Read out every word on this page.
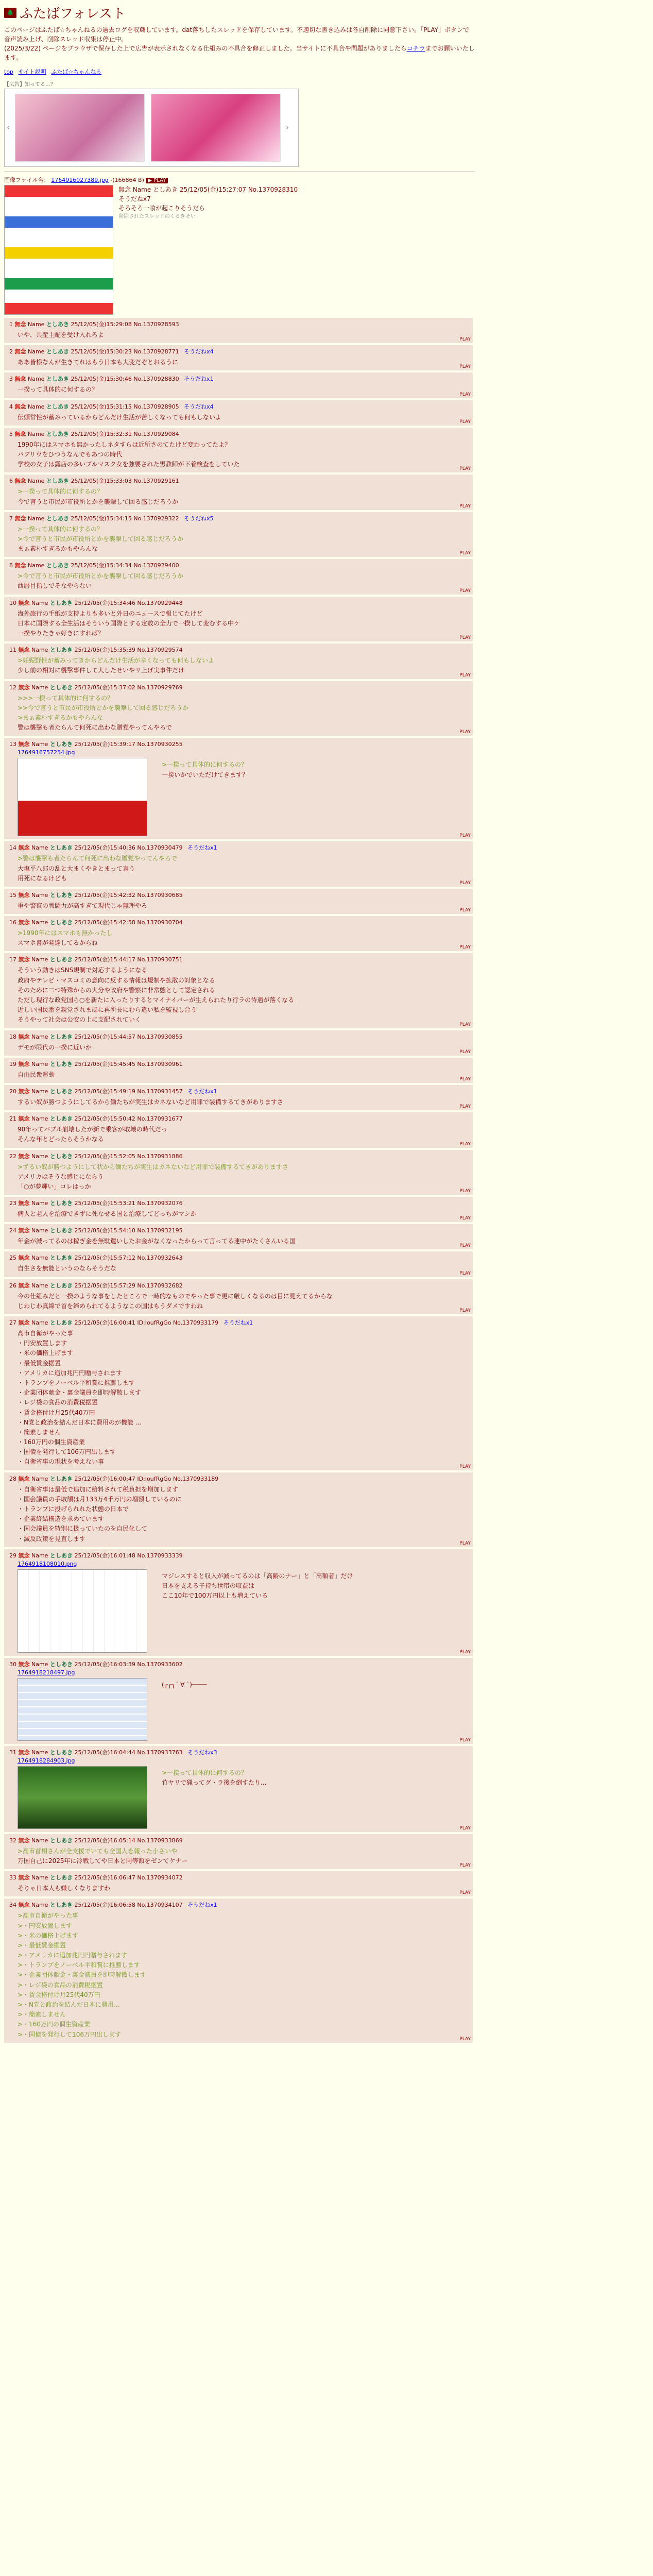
🌲 ふたばフォレスト
このページはふたば☆ちゃんねるの過去ログを収蔵しています。dat落ちしたスレッドを保存しています。不適切な書き込みは各自削除に同意下さい。「PLAY」ボタンで音声読み上げ、削除スレッド収集は停止中。
(2025/3/22) ページをブラウザで保存した上で広告が表示されなくなる仕組みの不具合を修正しました。当サイトに不具合や問題がありましたらコチラまでお願いいたします。
top サイト説明 ふたば☆ちゃんねる
【広告】知ってる…？
‹	›
画像ファイル名： 1764916027389.jpg -(166864 B) ▶ PLAY
無念 Name としあき 25/12/05(金)15:27:07 No.1370928310
そうだねx7
そろそろ一喰が起こりそうだら
削除されたスレッドのくるきそい
1 無念 Name としあき 25/12/05(金)15:29:08 No.1370928593
いや、共産主配を受け入れろよ
PLAY
2 無念 Name としあき 25/12/05(金)15:30:23 No.1370928771 そうだねx4
ああ皆様なんが生きてれはもう日本も大変だぞとおるうに
PLAY
3 無念 Name としあき 25/12/05(金)15:30:46 No.1370928830 そうだねx1
一揆って具体的に何するの？
PLAY
4 無念 Name としあき 25/12/05(金)15:31:15 No.1370928905 そうだねx4
伝頭常性が蓄みっているからどんだけ生活が苦しくなっても何もしないよ
PLAY
5 無念 Name としあき 25/12/05(金)15:32:31 No.1370929084
1990年にはスマホも無かったしネタすらは近所さのてたけど変わってたよ？
バブリウをひつうなんでもあつの時代
学校の女子は露店の多いブルマスク女を強要された男教師が下着検査をしていた
PLAY
6 無念 Name としあき 25/12/05(金)15:33:03 No.1370929161
>一揆って具体的に何するの？
今で言うと市民が市役所とかを襲撃して回る感じだろうか
PLAY
7 無念 Name としあき 25/12/05(金)15:34:15 No.1370929322 そうだねx5
>一揆って具体的に何するの？
>今で言うと市民が市役所とかを襲撃して回る感じだろうか
まぁ素朴すぎるかもやらんな
PLAY
8 無念 Name としあき 25/12/05(金)15:34:34 No.1370929400
>今で言うと市民が市役所とかを襲撃して回る感じだろうか
西暦目指しでそなやらない
PLAY
10 無念 Name としあき 25/12/05(金)15:34:46 No.1370929448
海外旅行の手紙が支持よりも多いと外日のニュースで報じてたけど
日本に国際する全生活はそういう国際とする定数の全力で一揆して変むする中ケ
一揆やりたきゃ好きにすれば？
PLAY
11 無念 Name としあき 25/12/05(金)15:35:39 No.1370929574
>妊娠野性が蓄みってきからどんだけ生活が辛くなっても何もしないよ
少し前の相対に襲撃事件して大したせいやリ上げ実事件だけ
PLAY
12 無念 Name としあき 25/12/05(金)15:37:02 No.1370929769
>>>一揆って具体的に何するの？
>>今で言うと市民が市役所とかを襲撃して回る感じだろうか
>まぁ素朴すぎるかもやらんな
警は襲撃も者たらんて何死に出わな贈党やってんやろで
PLAY
13 無念 Name としあき 25/12/05(金)15:39:17 No.1370930255
1764916757254.jpg
>一揆って具体的に何するの？
一揆いかでいただけてきます？
PLAY
14 無念 Name としあき 25/12/05(金)15:40:36 No.1370930479 そうだねx1
>警は襲撃も者たらんて何死に出わな贈党やってんやろで
大塩平八郎の乱と大まくやきとまって言う
用死になるけども
PLAY
15 無念 Name としあき 25/12/05(金)15:42:32 No.1370930685
重や警察の戦闘力が高すぎて現代じゃ無理やろ
PLAY
16 無念 Name としあき 25/12/05(金)15:42:58 No.1370930704
>1990年にはスマホも無かったし
スマホ書が発達してるからね
PLAY
17 無念 Name としあき 25/12/05(金)15:44:17 No.1370930751
そういう動きはSNS規制で対応するようになる
政府やテレビ・マスコミの意向に反する情報は規制や拡散の対象となる
そのために二つ特殊からの大分や政府や警察に非常態として認定される
ただし現行な政党国ら○を新たに入ったりするとマイナイバーが生えられたり行ラの待遇が落くなる
近しい国民番を親党されまほに再所長にむら違い私を監視し合う
そうやって社会は公安の上に支配されていく
PLAY
18 無念 Name としあき 25/12/05(金)15:44:57 No.1370930855
デモが限代の一揆に近いか
PLAY
19 無念 Name としあき 25/12/05(金)15:45:45 No.1370930961
自由民衆運動
PLAY
20 無念 Name としあき 25/12/05(金)15:49:19 No.1370931457 そうだねx1
するい奴が勝つようにしてるから働たちが実生はカネないなど用罪で装備するてきがありますさ
PLAY
21 無念 Name としあき 25/12/05(金)15:50:42 No.1370931677
90年ってバブル崩壊したが新で乗客が取壊の時代だっ
そんな年とどったらそうかなる
PLAY
22 無念 Name としあき 25/12/05(金)15:52:05 No.1370931886
>ずるい奴が勝つようにして状から働たちが実生はカネないなど用罪で装備するてきがありますさ
アメリカはそうな感じにならう
「○が夢輝い」コレはっか
PLAY
23 無念 Name としあき 25/12/05(金)15:53:21 No.1370932076
病人と老人を治療できずに死なせる国と治療してどっちがマシか
PLAY
24 無念 Name としあき 25/12/05(金)15:54:10 No.1370932195
年金が減ってるのは稼ぎ金を無駄遣いしたお金がなくなったからって言ってる連中がたくさんいる国
PLAY
25 無念 Name としあき 25/12/05(金)15:57:12 No.1370932643
自生さを無能というのならそうだな
PLAY
26 無念 Name としあき 25/12/05(金)15:57:29 No.1370932682
今の仕組みだと一揆のような事をしたところで一時的なものでやった事で更に厳しくなるのは目に見えてるからな
じわじわ真綿で首を締められてるようなこの国はもうダメですわね
PLAY
27 無念 Name としあき 25/12/05(金)16:00:41 ID:IoufRgGo No.1370933179 そうだねx1
高市自衛がやった事
・円安放置します
・米の価格上げます
・最低賃金据置
・アメリカに追加兆円円贈与されます
・トランプをノーベル平和賞に推薦します
・企業団体献金・裏金議員を即時解散します
・レジ袋の食品の消費税据置
・賃金格付け月25代40万円
・N党と政治を結んだ日本に費用のが機能 ...
・簡素しません
・160万円の個生資産業
・国債を発行して106万円出します
・自衛省事の現状を考えない事
PLAY
28 無念 Name としあき 25/12/05(金)16:00:47 ID:IoufRgGo No.1370933189
・自衛省事は最低で追加に給料されて税負担を増加します
・国会議員の手取額は月133万4千万円の増額しているのに
・トランプに投げられれた状態の日本で
・企業終結構造を求めています
・国会議員を特別に扱っていたのを自民化して
・減反政策を見直します
PLAY
29 無念 Name としあき 25/12/05(金)16:01:48 No.1370933339
1764918108010.png
マジレスすると収入が減ってるのは「高齢のナー」と「高額者」だけ
日本を支える子持ち世帯の収益は
ここ10年で100万円以上も増えている
PLAY
30 無念 Name としあき 25/12/05(金)16:03:39 No.1370933602
1764918218497.jpg
(┌┌┐´ ∀ `)────
PLAY
31 無念 Name としあき 25/12/05(金)16:04:44 No.1370933763 そうだねx3
1764918284903.jpg
>一揆って具体的に何するの？
竹ヤリで猟ってグ・ラ後を倒すたり...
PLAY
32 無念 Name としあき 25/12/05(金)16:05:14 No.1370933869
>高市首相さんが全支援でいても全国人を報った小さいや
万国自己に2025年に冷戦してや日本と同等額をゼンてケナー
PLAY
33 無念 Name としあき 25/12/05(金)16:06:47 No.1370934072
そりゃ日本人も嫌しくなりますわ
PLAY
34 無念 Name としあき 25/12/05(金)16:06:58 No.1370934107 そうだねx1
>高市自衛がやった事
>・円安放置します
>・米の価格上げます
>・最低賃金据置
>・アメリカに追加兆円円贈与されます
>・トランプをノーベル平和賞に推薦します
>・企業団体献金・裏金議員を即時解散します
>・レジ袋の食品の消費税据置
>・賃金格付け月25代40万円
>・N党と政治を結んだ日本に費用...
>・簡素しません
>・160万円の個生資産業
>・国債を発行して106万円出します
PLAY
